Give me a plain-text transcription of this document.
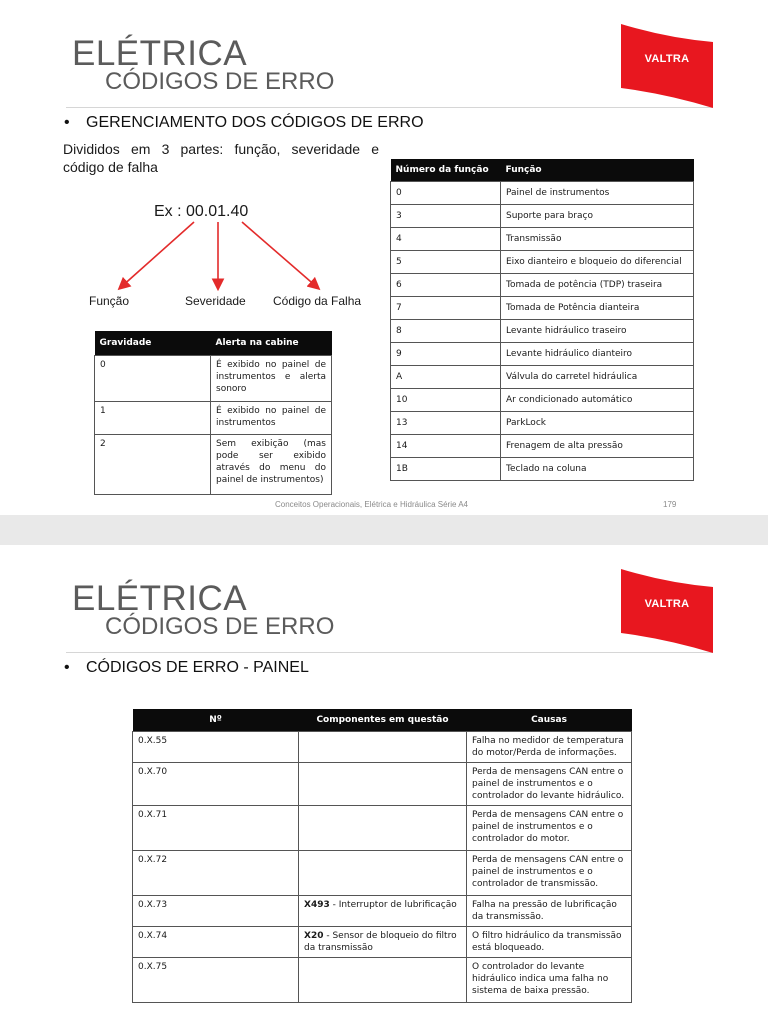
ELÉTRICA
CÓDIGOS DE ERRO
VALTRA
• GERENCIAMENTO DOS CÓDIGOS DE ERRO
Divididos em 3 partes: função, severidade e código de falha
Ex : 00.01.40
Função	Severidade Código da Falha
Gravidade	Alerta na cabine
0	É exibido no painel de instrumentos e alerta sonoro
1	É exibido no painel de instrumentos
2	Sem exibição (mas pode ser exibido através do menu do painel de instrumentos)
Número da função	Função
0	Painel de instrumentos
3	Suporte para braço
4	Transmissão
5	Eixo dianteiro e bloqueio do diferencial
6	Tomada de potência (TDP) traseira
7	Tomada de Potência dianteira
8	Levante hidráulico traseiro
9	Levante hidráulico dianteiro
A	Válvula do carretel hidráulica
10	Ar condicionado automático
13	ParkLock
14	Frenagem de alta pressão
1B	Teclado na coluna
Conceitos Operacionais, Elétrica e Hidráulica Série A4	179
ELÉTRICA
CÓDIGOS DE ERRO
VALTRA
• CÓDIGOS DE ERRO - PAINEL
Nº	Componentes em questão	Causas
0.X.55		Falha no medidor de temperatura do motor/Perda de informações.
0.X.70		Perda de mensagens CAN entre o painel de instrumentos e o controlador do levante hidráulico.
0.X.71		Perda de mensagens CAN entre o painel de instrumentos e o controlador do motor.
0.X.72		Perda de mensagens CAN entre o painel de instrumentos e o controlador de transmissão.
0.X.73	X493 - Interruptor de lubrificação	Falha na pressão de lubrificação da transmissão.
0.X.74	X20 - Sensor de bloqueio do filtro da transmissão	O filtro hidráulico da transmissão está bloqueado.
0.X.75		O controlador do levante hidráulico indica uma falha no sistema de baixa pressão.
